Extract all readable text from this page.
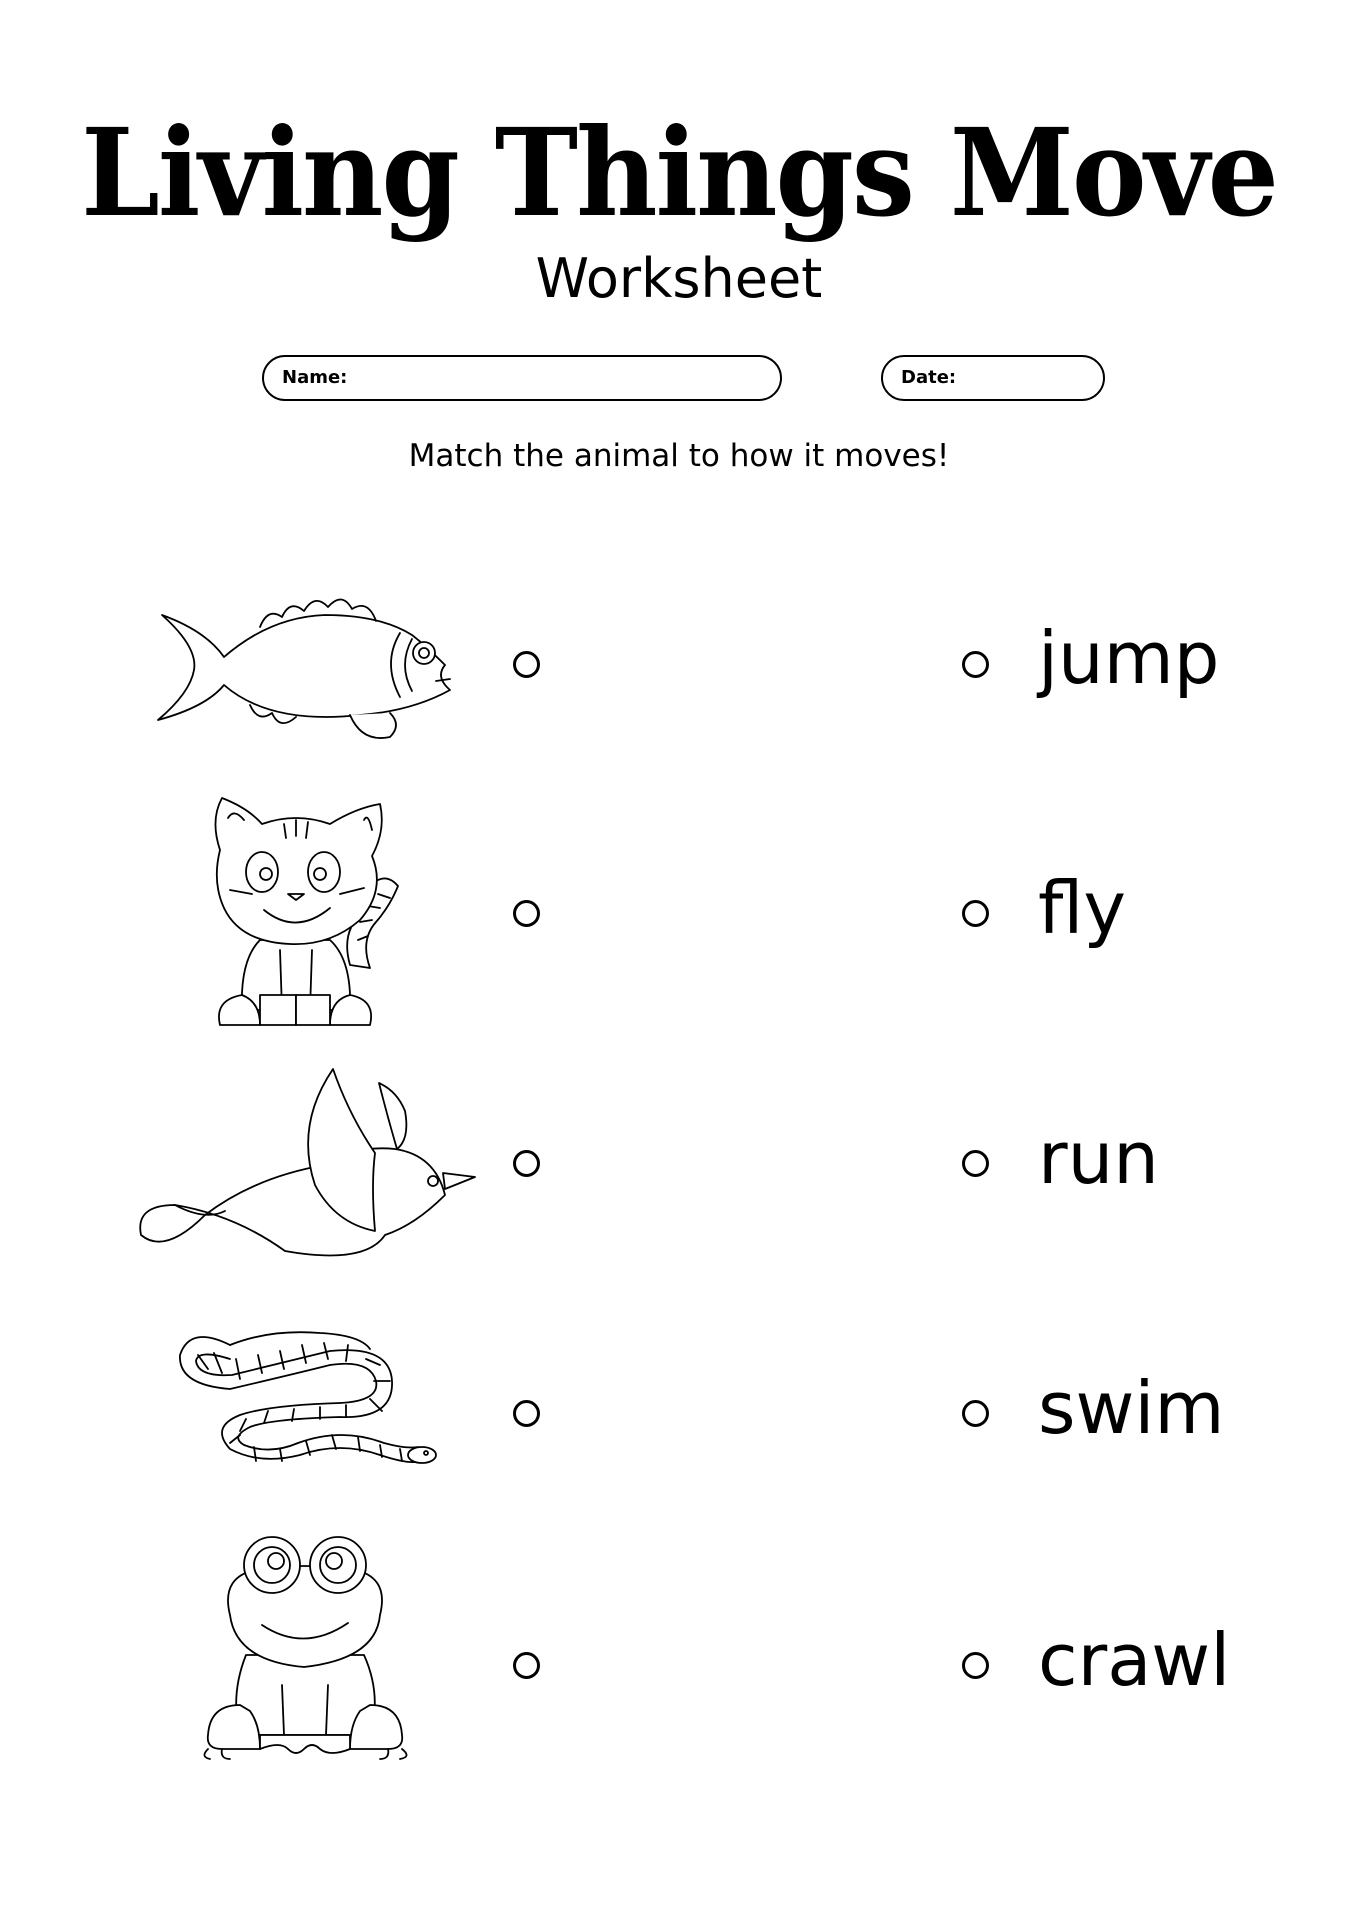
Living Things Move
Worksheet
Name:	Date:
Match the animal to how it moves!
jump
fly
run
swim
crawl
